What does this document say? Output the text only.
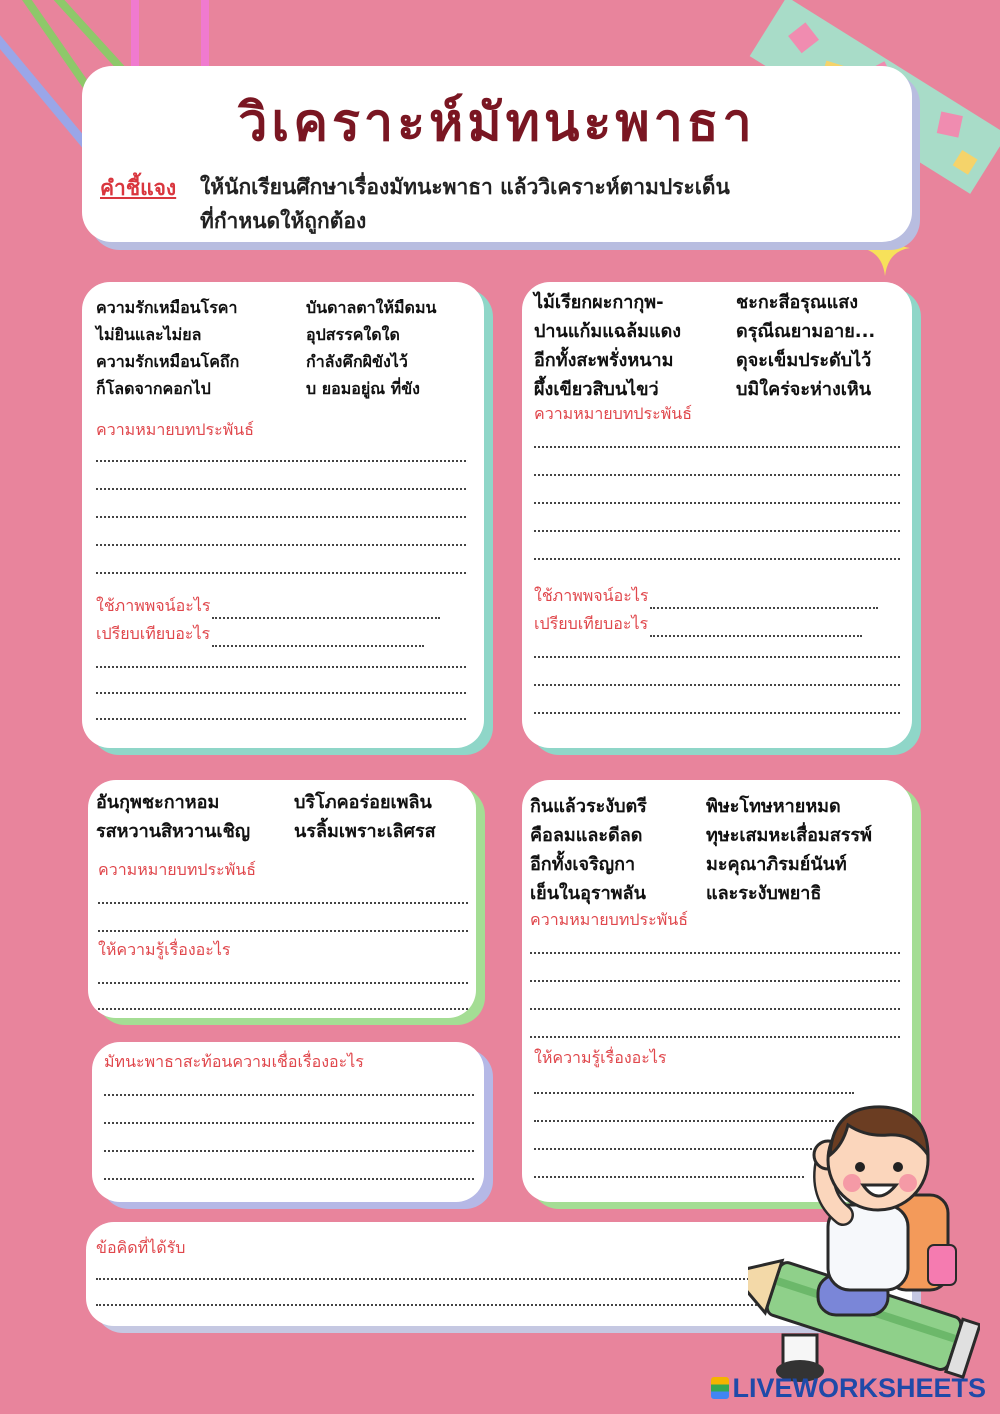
วิเคราะห์มัทนะพาธา
คำชี้แจง ให้นักเรียนศึกษาเรื่องมัทนะพาธา แล้ววิเคราะห์ตามประเด็น
ที่กำหนดให้ถูกต้อง
ความรักเหมือนโรคา
ไม่ยินและไม่ยล
ความรักเหมือนโคถึก
ก็โลดจากคอกไป
บันดาลตาให้มืดมน
อุปสรรคใดใด
กำลังคึกผิขังไว้
บ ยอมอยู่ณ ที่ขัง
ความหมายบทประพันธ์
ใช้ภาพพจน์อะไร
เปรียบเทียบอะไร
ไม้เรียกผะกากุพ-
ปานแก้มแฉล้มแดง
อีกทั้งสะพรั่งหนาม
ผึ้งเขียวสิบนไขว่
ชะกะสีอรุณแสง
ดรุณีณยามอาย...
ดุจะเข็มประดับไว้
บมิใคร่จะห่างเหิน
ความหมายบทประพันธ์
ใช้ภาพพจน์อะไร
เปรียบเทียบอะไร
อันกุพชะกาหอม
รสหวานสิหวานเชิญ
บริโภคอร่อยเพลิน
นรลิ้มเพราะเลิศรส
ความหมายบทประพันธ์
ให้ความรู้เรื่องอะไร
กินแล้วระงับตรี
คือลมและดีลด
อีกทั้งเจริญกา
เย็นในอุราพลัน
พิษะโทษหายหมด
ทุษะเสมหะเสื่อมสรรพ์
มะคุณาภิรมย์นันท์
และระงับพยาธิ
ความหมายบทประพันธ์
ให้ความรู้เรื่องอะไร
มัทนะพาธาสะท้อนความเชื่อเรื่องอะไร
ข้อคิดที่ได้รับ
LIVEWORKSHEETS
